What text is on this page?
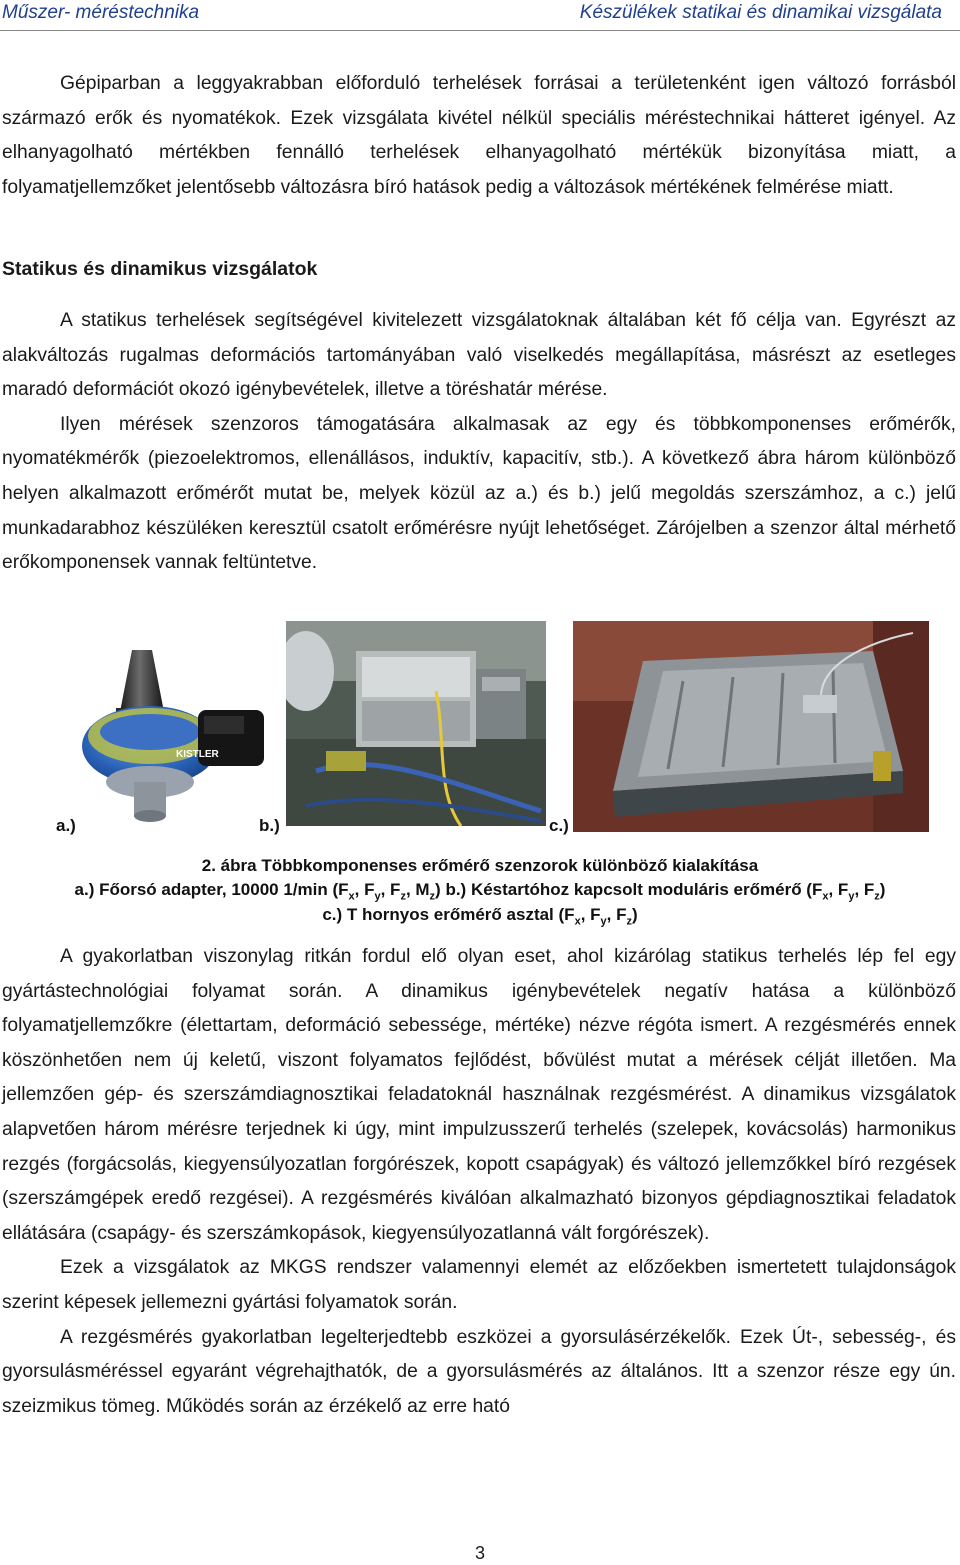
Műszer- méréstechnika	Készülékek statikai és dinamikai vizsgálata

Gépiparban a leggyakrabban előforduló terhelések forrásai a területenként igen változó forrásból származó erők és nyomatékok. Ezek vizsgálata kivétel nélkül speciális méréstechnikai hátteret igényel. Az elhanyagolható mértékben fennálló terhelések elhanyagolható mértékük bizonyítása miatt, a folyamatjellemzőket jelentősebb változásra bíró hatások pedig a változások mértékének felmérése miatt.

Statikus és dinamikus vizsgálatok

A statikus terhelések segítségével kivitelezett vizsgálatoknak általában két fő célja van. Egyrészt az alakváltozás rugalmas deformációs tartományában való viselkedés megállapítása, másrészt az esetleges maradó deformációt okozó igénybevételek, illetve a töréshatár mérése.

Ilyen mérések szenzoros támogatására alkalmasak az egy és többkomponenses erőmérők, nyomatékmérők (piezoelektromos, ellenállásos, induktív, kapacitív, stb.). A következő ábra három különböző helyen alkalmazott erőmérőt mutat be, melyek közül az a.) és b.) jelű megoldás szerszámhoz, a c.) jelű munkadarabhoz készüléken keresztül csatolt erőmérésre nyújt lehetőséget. Zárójelben a szenzor által mérhető erőkomponensek vannak feltüntetve.

KISTLER
a.)	b.)	c.)
2. ábra Többkomponenses erőmérő szenzorok különböző kialakítása
a.) Főorsó adapter, 10000 1/min ($F_x$, $F_y$, $F_z$, $M_z$) b.) Késtartóhoz kapcsolt moduláris erőmérő ($F_x$, $F_y$, $F_z$)
c.) T hornyos erőmérő asztal ($F_x$, $F_y$, $F_z$)

A gyakorlatban viszonylag ritkán fordul elő olyan eset, ahol kizárólag statikus terhelés lép fel egy gyártástechnológiai folyamat során. A dinamikus igénybevételek negatív hatása a különböző folyamatjellemzőkre (élettartam, deformáció sebessége, mértéke) nézve régóta ismert. A rezgésmérés ennek köszönhetően nem új keletű, viszont folyamatos fejlődést, bővülést mutat a mérések célját illetően. Ma jellemzően gép- és szerszámdiagnosztikai feladatoknál használnak rezgésmérést. A dinamikus vizsgálatok alapvetően három mérésre terjednek ki úgy, mint impulzusszerű terhelés (szelepek, kovácsolás) harmonikus rezgés (forgácsolás, kiegyensúlyozatlan forgórészek, kopott csapágyak) és változó jellemzőkkel bíró rezgések (szerszámgépek eredő rezgései). A rezgésmérés kiválóan alkalmazható bizonyos gépdiagnosztikai feladatok ellátására (csapágy- és szerszámkopások, kiegyensúlyozatlanná vált forgórészek).

Ezek a vizsgálatok az MKGS rendszer valamennyi elemét az előzőekben ismertetett tulajdonságok szerint képesek jellemezni gyártási folyamatok során.

A rezgésmérés gyakorlatban legelterjedtebb eszközei a gyorsulásérzékelők. Ezek Út-, sebesség-, és gyorsulásméréssel egyaránt végrehajthatók, de a gyorsulásmérés az általános. Itt a szenzor része egy ún. szeizmikus tömeg. Működés során az érzékelő az erre ható

3
